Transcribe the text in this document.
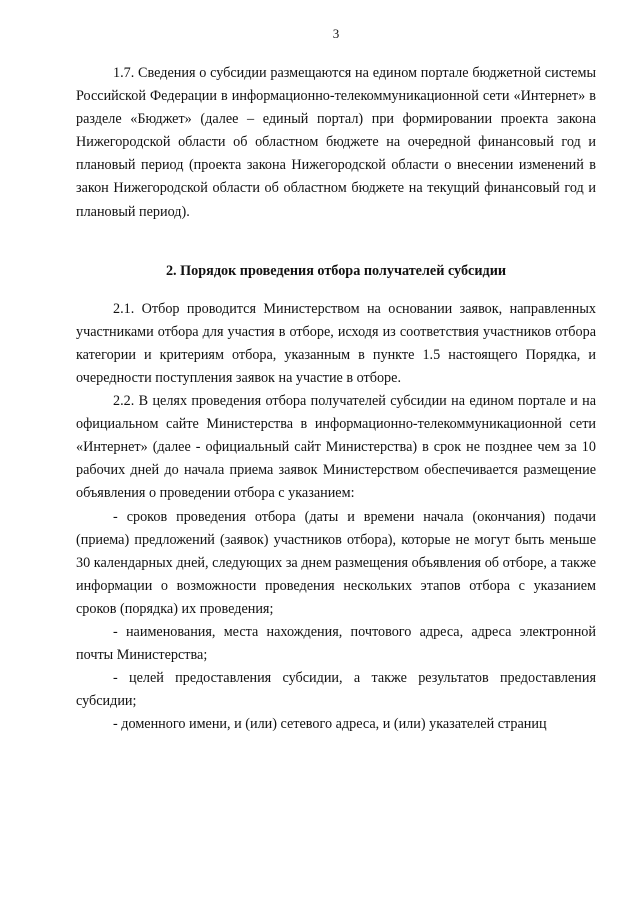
3

1.7. Сведения о субсидии размещаются на едином портале бюджетной системы Российской Федерации в информационно-телекоммуникационной сети «Интернет» в разделе «Бюджет» (далее – единый портал) при формировании проекта закона Нижегородской области об областном бюджете на очередной финансовый год и плановый период (проекта закона Нижегородской области о внесении изменений в закон Нижегородской области об областном бюджете на текущий финансовый год и плановый период).

2. Порядок проведения отбора получателей субсидии

2.1. Отбор проводится Министерством на основании заявок, направленных участниками отбора для участия в отборе, исходя из соответствия участников отбора категории и критериям отбора, указанным в пункте 1.5 настоящего Порядка, и очередности поступления заявок на участие в отборе.

2.2. В целях проведения отбора получателей субсидии на едином портале и на официальном сайте Министерства в информационно-телекоммуникационной сети «Интернет» (далее - официальный сайт Министерства) в срок не позднее чем за 10 рабочих дней до начала приема заявок Министерством обеспечивается размещение объявления о проведении отбора с указанием:

- сроков проведения отбора (даты и времени начала (окончания) подачи (приема) предложений (заявок) участников отбора), которые не могут быть меньше 30 календарных дней, следующих за днем размещения объявления об отборе, а также информации о возможности проведения нескольких этапов отбора с указанием сроков (порядка) их проведения;

- наименования, места нахождения, почтового адреса, адреса электронной почты Министерства;

- целей предоставления субсидии, а также результатов предоставления субсидии;

- доменного имени, и (или) сетевого адреса, и (или) указателей страниц
